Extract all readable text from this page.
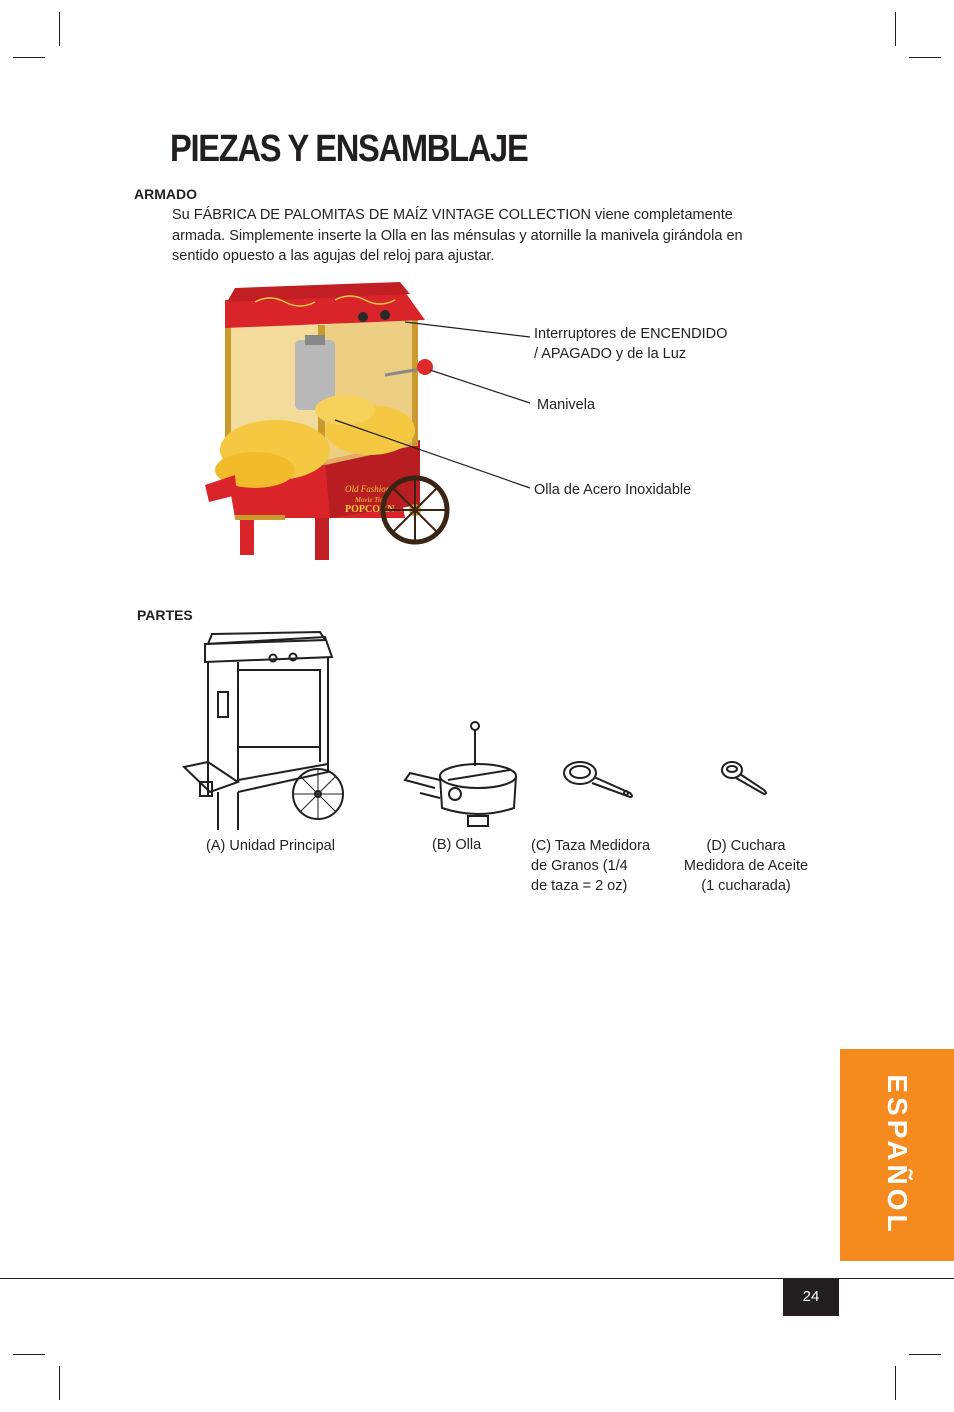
PIEZAS Y ENSAMBLAJE
ARMADO

Su FÁBRICA DE PALOMITAS DE MAÍZ VINTAGE COLLECTION viene completamente armada. Simplemente inserte la Olla en las ménsulas y atornille la manivela girándola en sentido opuesto a las agujas del reloj para ajustar.

Old Fashion
Movie Time
POPCORN
Interruptores de ENCENDIDO
/ APAGADO y de la Luz
Manivela
Olla de Acero Inoxidable
PARTES
(A) Unidad Principal	(B) Olla	(C) Taza Medidora
de Granos (1/4
de taza = 2 oz)
(D) Cuchara
Medidora de Aceite
(1 cucharada)
ESPAÑOL
24
